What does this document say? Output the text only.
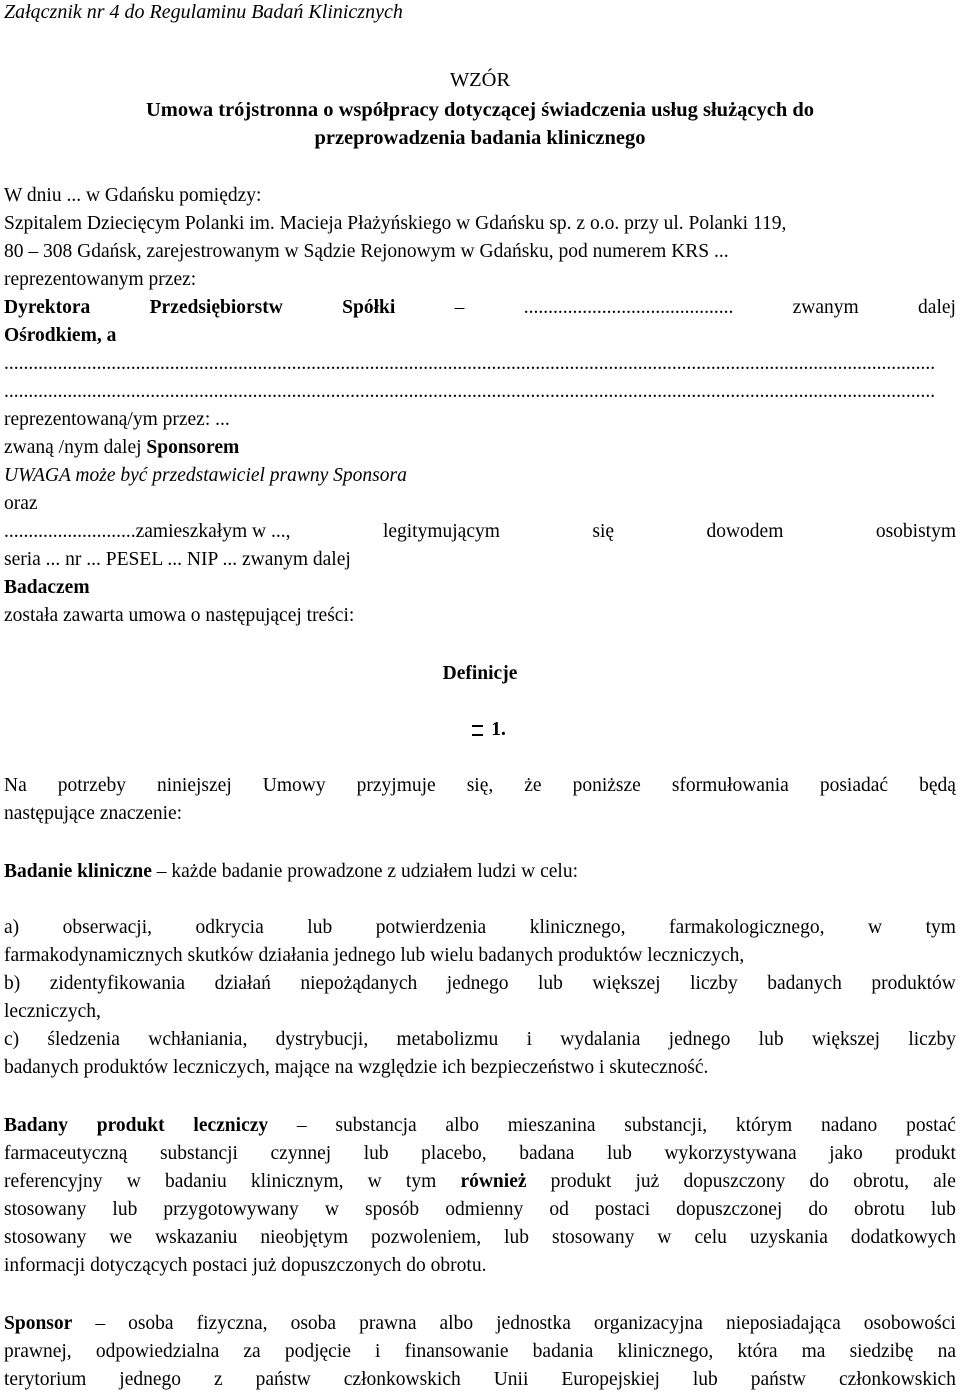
Załącznik nr 4 do Regulaminu Badań Klinicznych
WZÓR
Umowa trójstronna o współpracy dotyczącej świadczenia usług służących do
przeprowadzenia badania klinicznego
W dniu ... w Gdańsku pomiędzy:
Szpitalem Dziecięcym Polanki im. Macieja Płażyńskiego w Gdańsku sp. z o.o. przy ul. Polanki 119,
80 – 308 Gdańsk, zarejestrowanym w Sądzie Rejonowym w Gdańsku, pod numerem KRS ...
reprezentowanym przez:
Dyrektora	Przedsiębiorstw	Spółki	–	...........................................	zwanym	dalej
Ośrodkiem, a
...............................................................................................................................................................................................
...............................................................................................................................................................................................
reprezentowaną/ym przez: ...
zwaną /nym dalej Sponsorem
UWAGA może być przedstawiciel prawny Sponsora
oraz
...........................zamieszkałym w ...,	legitymującym	się	dowodem	osobistym
seria ... nr ... PESEL ... NIP ... zwanym dalej
Badaczem
została zawarta umowa o następującej treści:
Definicje
1.
Na potrzeby niniejszej Umowy przyjmuje się, że poniższe sformułowania posiadać będą
następujące znaczenie:
Badanie kliniczne – każde badanie prowadzone z udziałem ludzi w celu:
a) obserwacji, odkrycia lub potwierdzenia klinicznego, farmakologicznego, w tym
farmakodynamicznych skutków działania jednego lub wielu badanych produktów leczniczych,
b) zidentyfikowania działań niepożądanych jednego lub większej liczby badanych produktów
leczniczych,
c) śledzenia wchłaniania, dystrybucji, metabolizmu i wydalania jednego lub większej liczby
badanych produktów leczniczych, mające na względzie ich bezpieczeństwo i skuteczność.
Badany produkt leczniczy – substancja albo mieszanina substancji, którym nadano postać
farmaceutyczną substancji czynnej lub placebo, badana lub wykorzystywana jako produkt
referencyjny w badaniu klinicznym, w tym również produkt już dopuszczony do obrotu, ale
stosowany lub przygotowywany w sposób odmienny od postaci dopuszczonej do obrotu lub
stosowany we wskazaniu nieobjętym pozwoleniem, lub stosowany w celu uzyskania dodatkowych
informacji dotyczących postaci już dopuszczonych do obrotu.
Sponsor – osoba fizyczna, osoba prawna albo jednostka organizacyjna nieposiadająca osobowości
prawnej, odpowiedzialna za podjęcie i finansowanie badania klinicznego, która ma siedzibę na
terytorium jednego z państw członkowskich Unii Europejskiej lub państw członkowskich
